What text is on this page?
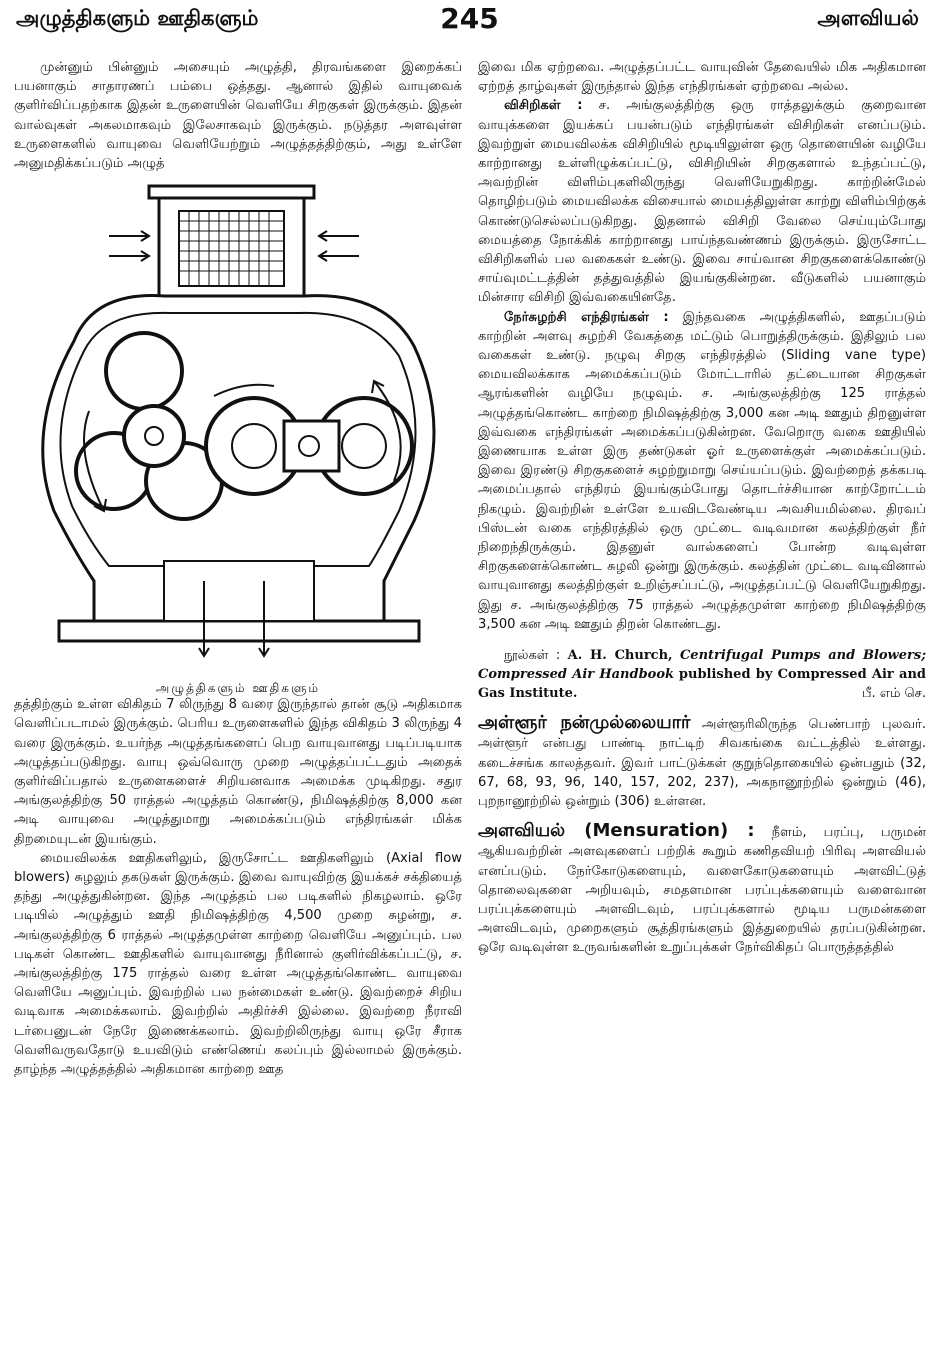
அழுத்திகளும் ஊதிகளும்	245	அளவியல்

முன்னும் பின்னும் அசையும் அழுத்தி, திரவங்களை இறைக்கப் பயனாகும் சாதாரணப் பம்பை ஒத்தது. ஆனால் இதில் வாயுவைக் குளிர்விப்பதற்காக இதன் உருளையின் வெளியே சிறகுகள் இருக்கும். இதன் வால்வுகள் அகலமாகவும் இலேசாகவும் இருக்கும். நடுத்தர அளவுள்ள உருளைகளில் வாயுவை வெளியேற்றும் அழுத்தத்திற்கும், அது உள்ளே அனுமதிக்கப்படும் அழுத்

அழுத்திகளும் ஊதிகளும்

தத்திற்கும் உள்ள விகிதம் 7 லிருந்து 8 வரை இருந்தால் தான் சூடு அதிகமாக வெளிப்படாமல் இருக்கும். பெரிய உருளைகளில் இந்த விகிதம் 3 லிருந்து 4 வரை இருக்கும். உயர்ந்த அழுத்தங்களைப் பெற வாயுவானது படிப்படியாக அழுத்தப்படுகிறது. வாயு ஒவ்வொரு முறை அழுத்தப்பட்டதும் அதைக் குளிர்விப்பதால் உருளைகளைச் சிறியனவாக அமைக்க முடிகிறது. சதுர அங்குலத்திற்கு 50 ராத்தல் அழுத்தம் கொண்டு, நிமிஷத்திற்கு 8,000 கன அடி வாயுவை அழுத்துமாறு அமைக்கப்படும் எந்திரங்கள் மிக்க திறமையுடன் இயங்கும்.

மையவிலக்க ஊதிகளிலும், இருசோட்ட ஊதிகளிலும் (Axial flow blowers) சுழலும் தகடுகள் இருக்கும். இவை வாயுவிற்கு இயக்கச் சக்தியைத் தந்து அழுத்துகின்றன. இந்த அழுத்தம் பல படிகளில் நிகழலாம். ஒரே படியில் அழுத்தும் ஊதி நிமிஷத்திற்கு 4,500 முறை சுழன்று, ச. அங்குலத்திற்கு 6 ராத்தல் அழுத்தமுள்ள காற்றை வெளியே அனுப்பும். பல படிகள் கொண்ட ஊதிகளில் வாயுவானது நீரினால் குளிர்விக்கப்பட்டு, ச. அங்குலத்திற்கு 175 ராத்தல் வரை உள்ள அழுத்தங்கொண்ட வாயுவை வெளியே அனுப்பும். இவற்றில் பல நன்மைகள் உண்டு. இவற்றைச் சிறிய வடிவாக அமைக்கலாம். இவற்றில் அதிர்ச்சி இல்லை. இவற்றை நீராவி டர்பைனுடன் நேரே இணைக்கலாம். இவற்றிலிருந்து வாயு ஒரே சீராக வெளிவருவதோடு உயவிடும் எண்ணெய் கலப்பும் இல்லாமல் இருக்கும். தாழ்ந்த அழுத்தத்தில் அதிகமான காற்றை ஊத

இவை மிக ஏற்றவை. அழுத்தப்பட்ட வாயுவின் தேவையில் மிக அதிகமான ஏற்றத் தாழ்வுகள் இருந்தால் இந்த எந்திரங்கள் ஏற்றவை அல்ல.

விசிறிகள் : ச. அங்குலத்திற்கு ஒரு ராத்தலுக்கும் குறைவான வாயுக்களை இயக்கப் பயன்படும் எந்திரங்கள் விசிறிகள் எனப்படும். இவற்றுள் மையவிலக்க விசிறியில் மூடியிலுள்ள ஒரு தொளையின் வழியே காற்றானது உள்ளிழுக்கப்பட்டு, விசிறியின் சிறகுகளால் உந்தப்பட்டு, அவற்றின் விளிம்புகளிலிருந்து வெளியேறுகிறது. காற்றின்மேல் தொழிற்படும் மையவிலக்க விசையால் மையத்திலுள்ள காற்று விளிம்பிற்குக் கொண்டுசெல்லப்படுகிறது. இதனால் விசிறி வேலை செய்யும்போது மையத்தை நோக்கிக் காற்றானது பாய்ந்தவண்ணம் இருக்கும். இருசோட்ட விசிறிகளில் பல வகைகள் உண்டு. இவை சாய்வான சிறகுகளைக்கொண்டு சாய்வுமட்டத்தின் தத்துவத்தில் இயங்குகின்றன. வீடுகளில் பயனாகும் மின்சார விசிறி இவ்வகையினதே.

நேர்சுழற்சி எந்திரங்கள் : இந்தவகை அழுத்திகளில், ஊதப்படும் காற்றின் அளவு சுழற்சி வேகத்தை மட்டும் பொறுத்திருக்கும். இதிலும் பல வகைகள் உண்டு. நழுவு சிறகு எந்திரத்தில் (Sliding vane type) மையவிலக்காக அமைக்கப்படும் மோட்டாரில் தட்டையான சிறகுகள் ஆரங்களின் வழியே நழுவும். ச. அங்குலத்திற்கு 125 ராத்தல் அழுத்தங்கொண்ட காற்றை நிமிஷத்திற்கு 3,000 கன அடி ஊதும் திறனுள்ள இவ்வகை எந்திரங்கள் அமைக்கப்படுகின்றன. வேறொரு வகை ஊதியில் இணையாக உள்ள இரு தண்டுகள் ஓர் உருளைக்குள் அமைக்கப்படும். இவை இரண்டு சிறகுகளைச் சுழற்றுமாறு செய்யப்படும். இவற்றைத் தக்கபடி அமைப்பதால் எந்திரம் இயங்கும்போது தொடர்ச்சியான காற்றோட்டம் நிகழும். இவற்றின் உள்ளே உயவிடவேண்டிய அவசியமில்லை. திரவப் பிஸ்டன் வகை எந்திரத்தில் ஒரு முட்டை வடிவமான கலத்திற்குள் நீர் நிறைந்திருக்கும். இதனுள் வால்களைப் போன்ற வடிவுள்ள சிறகுகளைக்கொண்ட சுழலி ஒன்று இருக்கும். கலத்தின் முட்டை வடிவினால் வாயுவானது கலத்திற்குள் உறிஞ்சப்பட்டு, அழுத்தப்பட்டு வெளியேறுகிறது. இது ச. அங்குலத்திற்கு 75 ராத்தல் அழுத்தமுள்ள காற்றை நிமிஷத்திற்கு 3,500 கன அடி ஊதும் திறன் கொண்டது.

நூல்கள் : A. H. Church, Centrifugal Pumps and Blowers; Compressed Air Handbook published by Compressed Air and Gas Institute.	பீ. எம் செ.
அள்ளூர் நன்முல்லையார் அள்ளூரிலிருந்த பெண்பாற் புலவர். அள்ளூர் என்பது பாண்டி நாட்டிற் சிவகங்கை வட்டத்தில் உள்ளது. கடைச்சங்க காலத்தவர். இவர் பாட்டுக்கள் குறுந்தொகையில் ஒன்பதும் (32, 67, 68, 93, 96, 140, 157, 202, 237), அகநானூற்றில் ஒன்றும் (46), புறநானூற்றில் ஒன்றும் (306) உள்ளன.
அளவியல் (Mensuration) : நீளம், பரப்பு, பருமன் ஆகியவற்றின் அளவுகளைப் பற்றிக் கூறும் கணிதவியற் பிரிவு அளவியல் எனப்படும். நேர்கோடுகளையும், வளைகோடுகளையும் அளவிட்டுத் தொலைவுகளை அறியவும், சமதளமான பரப்புக்களையும் வளைவான பரப்புக்களையும் அளவிடவும், பரப்புக்களால் மூடிய பருமன்களை அளவிடவும், முறைகளும் சூத்திரங்களும் இத்துறையில் தரப்படுகின்றன. ஒரே வடிவுள்ள உருவங்களின் உறுப்புக்கள் நேர்விகிதப் பொருத்தத்தில்
